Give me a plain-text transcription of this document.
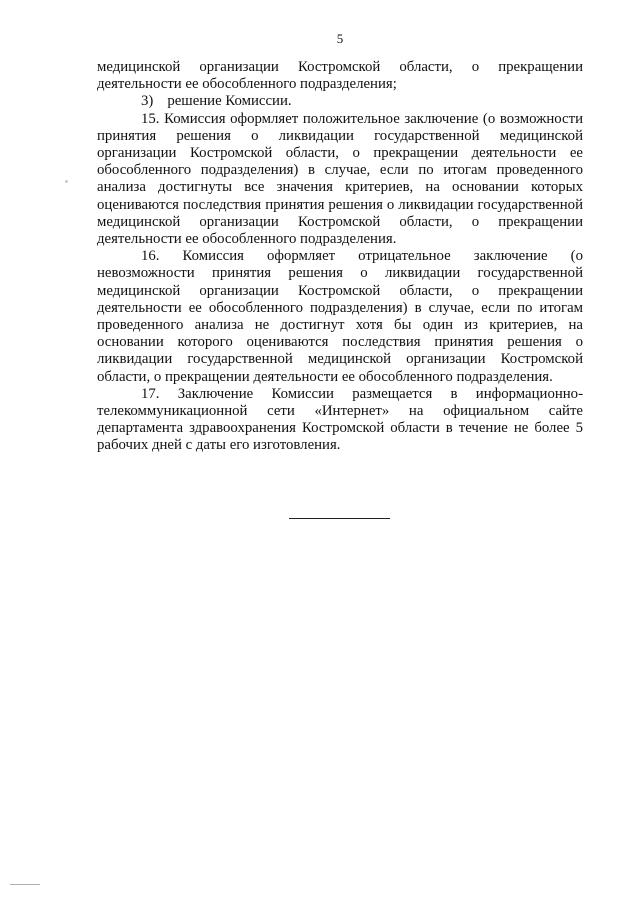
5

медицинской организации Костромской области, о прекращении деятельности ее обособленного подразделения;

3) решение Комиссии.

15. Комиссия оформляет положительное заключение (о возможности принятия решения о ликвидации государственной медицинской организации Костромской области, о прекращении деятельности ее обособленного подразделения) в случае, если по итогам проведенного анализа достигнуты все значения критериев, на основании которых оцениваются последствия принятия решения о ликвидации государственной медицинской организации Костромской области, о прекращении деятельности ее обособленного подразделения.

16. Комиссия оформляет отрицательное заключение (о невозможности принятия решения о ликвидации государственной медицинской организации Костромской области, о прекращении деятельности ее обособленного подразделения) в случае, если по итогам проведенного анализа не достигнут хотя бы один из критериев, на основании которого оцениваются последствия принятия решения о ликвидации государственной медицинской организации Костромской области, о прекращении деятельности ее обособленного подразделения.

17. Заключение Комиссии размещается в информационно-телекоммуникационной сети «Интернет» на официальном сайте департамента здравоохранения Костромской области в течение не более 5 рабочих дней с даты его изготовления.
